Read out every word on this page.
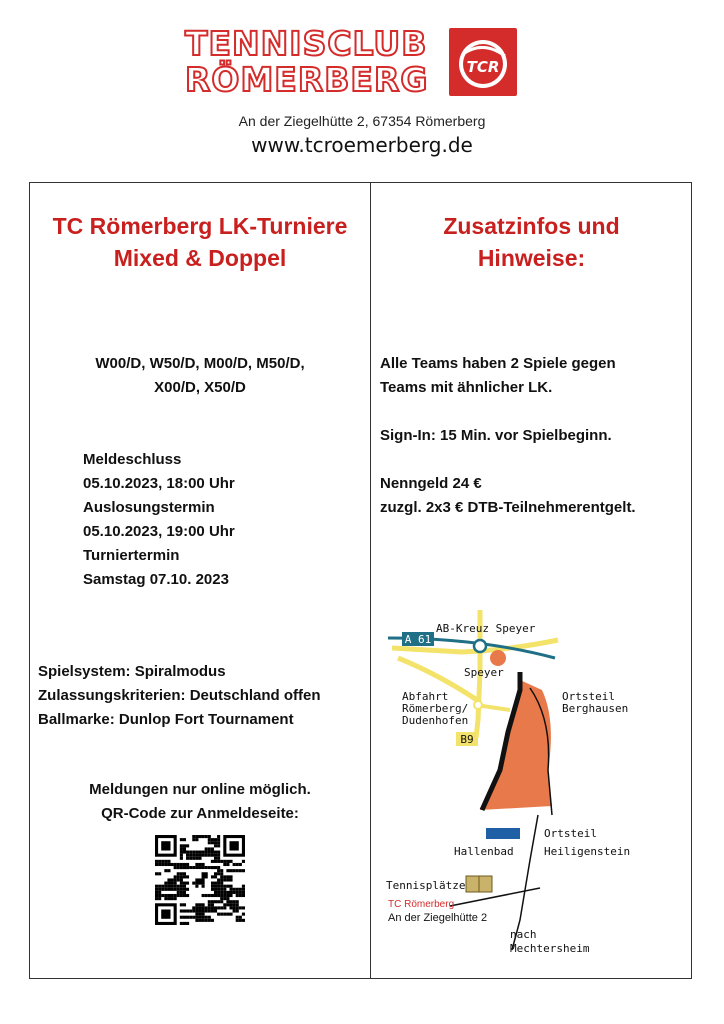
TENNISCLUB
RÖMERBERG	TCR
An der Ziegelhütte 2, 67354 Römerberg
www.tcroemerberg.de
TC Römerberg LK-Turniere
Mixed & Doppel
W00/D, W50/D, M00/D, M50/D,
X00/D, X50/D
Meldeschluss
05.10.2023, 18:00 Uhr
Auslosungstermin
05.10.2023, 19:00 Uhr
Turniertermin
Samstag 07.10. 2023
Spielsystem: Spiralmodus
Zulassungskriterien: Deutschland offen
Ballmarke: Dunlop Fort Tournament
Meldungen nur online möglich.
QR-Code zur Anmeldeseite:
Zusatzinfos und
Hinweise:
Alle Teams haben 2 Spiele gegen
Teams mit ähnlicher LK.
Sign-In: 15 Min. vor Spielbeginn.
Nenngeld 24 €
zuzgl. 2x3 € DTB-Teilnehmerentgelt.
A 61
AB-Kreuz Speyer
Speyer
Abfahrt
Römerberg/
Dudenhofen
B9
Ortsteil
Berghausen
Hallenbad
Ortsteil
Heiligenstein
Tennisplätze
TC Römerberg
An der Ziegelhütte 2
nach
Mechtersheim
